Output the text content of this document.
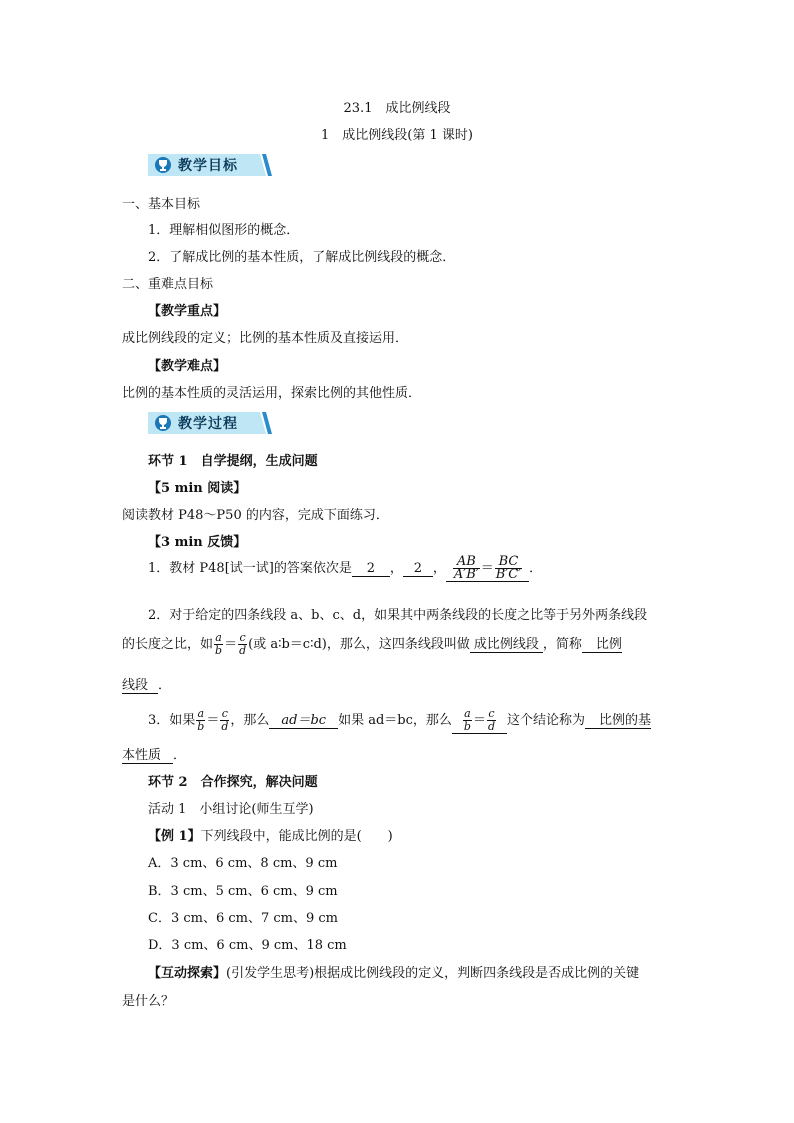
23.1　成比例线段
1　成比例线段(第 1 课时)
教学目标
一、基本目标
1．理解相似图形的概念．
2．了解成比例的基本性质，了解成比例线段的概念．
二、重难点目标
【教学重点】
成比例线段的定义；比例的基本性质及直接运用．
【教学难点】
比例的基本性质的灵活运用，探索比例的其他性质．
教学过程
环节 1　自学提纲，生成问题
【5 min 阅读】
阅读教材 P48～P50 的内容，完成下面练习．
【3 min 反馈】
1．教材 P48[试一试]的答案依次是 2 ， 2 ， $\frac{AB}{A'B'} = \frac{BC}{B'C'}$ ．
2．对于给定的四条线段 a、b、c、d，如果其中两条线段的长度之比等于另外两条线段
的长度之比，如 $\frac{a}{b} = \frac{c}{d}$ (或 a∶b＝c∶d)，那么，这四条线段叫做 成比例线段 ，简称 比例
线段 ．
3．如果 $\frac{a}{b} = \frac{c}{d}$ ，那么 ad＝bc 如果 ad＝bc，那么 $\frac{a}{b} = \frac{c}{d}$ 这个结论称为 比例的基
本性质 ．
环节 2　合作探究，解决问题
活动 1　小组讨论(师生互学)
【例 1】下列线段中，能成比例的是(　　)
A．3 cm、6 cm、8 cm、9 cm
B．3 cm、5 cm、6 cm、9 cm
C．3 cm、6 cm、7 cm、9 cm
D．3 cm、6 cm、9 cm、18 cm
【互动探索】(引发学生思考)根据成比例线段的定义，判断四条线段是否成比例的关键
是什么？
